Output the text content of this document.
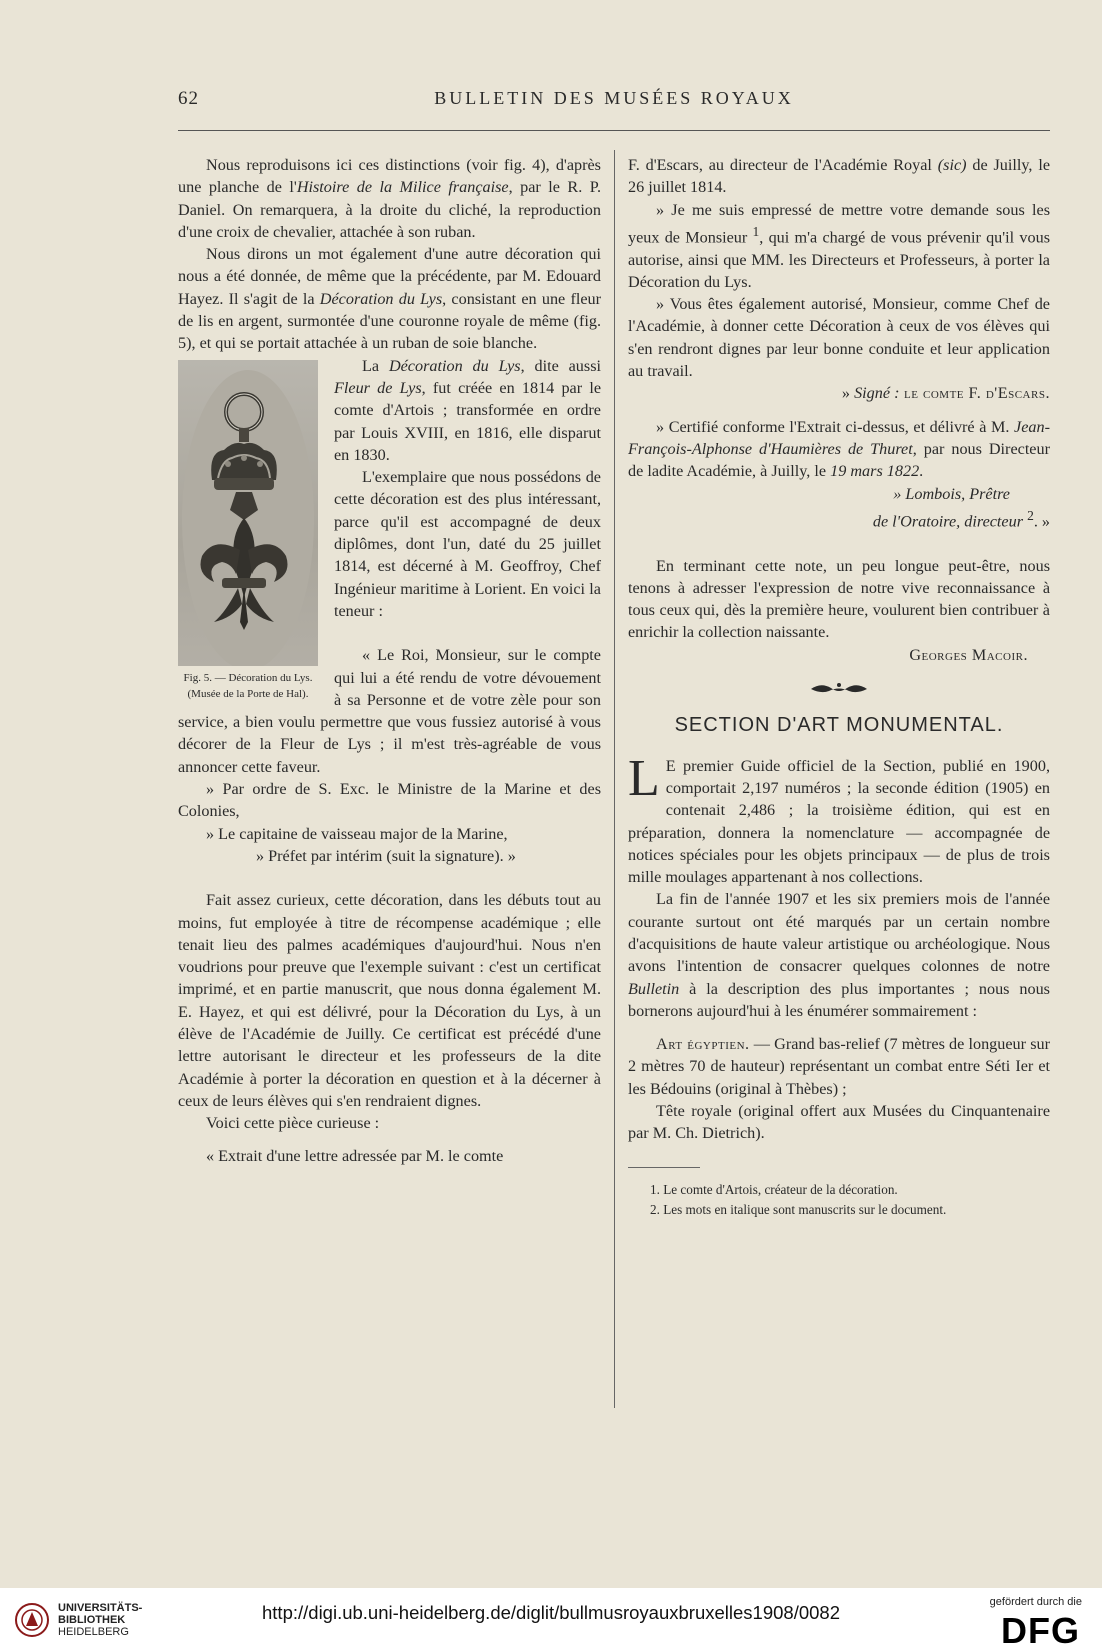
62	BULLETIN DES MUSÉES ROYAUX

Nous reproduisons ici ces distinctions (voir fig. 4), d'après une planche de l'Histoire de la Milice française, par le R. P. Daniel. On remarquera, à la droite du cliché, la reproduction d'une croix de chevalier, attachée à son ruban.

Nous dirons un mot également d'une autre décoration qui nous a été donnée, de même que la précédente, par M. Edouard Hayez. Il s'agit de la Décoration du Lys, consistant en une fleur de lis en argent, surmontée d'une couronne royale de même (fig. 5), et qui se portait attachée à un ruban de soie blanche.

Fig. 5. — Décoration du Lys. (Musée de la Porte de Hal).

La Décoration du Lys, dite aussi Fleur de Lys, fut créée en 1814 par le comte d'Artois ; transformée en ordre par Louis XVIII, en 1816, elle disparut en 1830.

L'exemplaire que nous possédons de cette décoration est des plus intéressant, parce qu'il est accompagné de deux diplômes, dont l'un, daté du 25 juillet 1814, est décerné à M. Geoffroy, Chef Ingénieur maritime à Lorient. En voici la teneur :

« Le Roi, Monsieur, sur le compte qui lui a été rendu de votre dévouement à sa Personne et de votre zèle pour son service, a bien voulu permettre que vous fussiez autorisé à vous décorer de la Fleur de Lys ; il m'est très-agréable de vous annoncer cette faveur.

» Par ordre de S. Exc. le Ministre de la Marine et des Colonies,

» Le capitaine de vaisseau major de la Marine,

» Préfet par intérim (suit la signature). »

Fait assez curieux, cette décoration, dans les débuts tout au moins, fut employée à titre de récompense académique ; elle tenait lieu des palmes académiques d'aujourd'hui. Nous n'en voudrions pour preuve que l'exemple suivant : c'est un certificat imprimé, et en partie manuscrit, que nous donna également M. E. Hayez, et qui est délivré, pour la Décoration du Lys, à un élève de l'Académie de Juilly. Ce certificat est précédé d'une lettre autorisant le directeur et les professeurs de la dite Académie à porter la décoration en question et à la décerner à ceux de leurs élèves qui s'en rendraient dignes.

Voici cette pièce curieuse :

« Extrait d'une lettre adressée par M. le comte

F. d'Escars, au directeur de l'Académie Royal (sic) de Juilly, le 26 juillet 1814.

» Je me suis empressé de mettre votre demande sous les yeux de Monsieur $^1$, qui m'a chargé de vous prévenir qu'il vous autorise, ainsi que MM. les Directeurs et Professeurs, à porter la Décoration du Lys.

» Vous êtes également autorisé, Monsieur, comme Chef de l'Académie, à donner cette Décoration à ceux de vos élèves qui s'en rendront dignes par leur bonne conduite et leur application au travail.

» Signé : le comte F. d'Escars.

» Certifié conforme l'Extrait ci-dessus, et délivré à M. Jean-François-Alphonse d'Haumières de Thuret, par nous Directeur de ladite Académie, à Juilly, le 19 mars 1822.

» Lombois, Prêtre

de l'Oratoire, directeur $^2$. »

En terminant cette note, un peu longue peut-être, nous tenons à adresser l'expression de notre vive reconnaissance à tous ceux qui, dès la première heure, voulurent bien contribuer à enrichir la collection naissante.

Georges Macoir.

SECTION D'ART MONUMENTAL.

L E premier Guide officiel de la Section, publié en 1900, comportait 2,197 numéros ; la seconde édition (1905) en contenait 2,486 ; la troisième édition, qui est en préparation, donnera la nomenclature — accompagnée de notices spéciales pour les objets principaux — de plus de trois mille moulages appartenant à nos collections.

La fin de l'année 1907 et les six premiers mois de l'année courante surtout ont été marqués par un certain nombre d'acquisitions de haute valeur artistique ou archéologique. Nous avons l'intention de consacrer quelques colonnes de notre Bulletin à la description des plus importantes ; nous nous bornerons aujourd'hui à les énumérer sommairement :

Art égyptien. — Grand bas-relief (7 mètres de longueur sur 2 mètres 70 de hauteur) représentant un combat entre Séti Ier et les Bédouins (original à Thèbes) ;

Tête royale (original offert aux Musées du Cinquantenaire par M. Ch. Dietrich).

1. Le comte d'Artois, créateur de la décoration.

2. Les mots en italique sont manuscrits sur le document.

UNIVERSITÄTS-
BIBLIOTHEK
HEIDELBERG
http://digi.ub.uni-heidelberg.de/diglit/bullmusroyauxbruxelles1908/0082	gefördert durch die
DFG
